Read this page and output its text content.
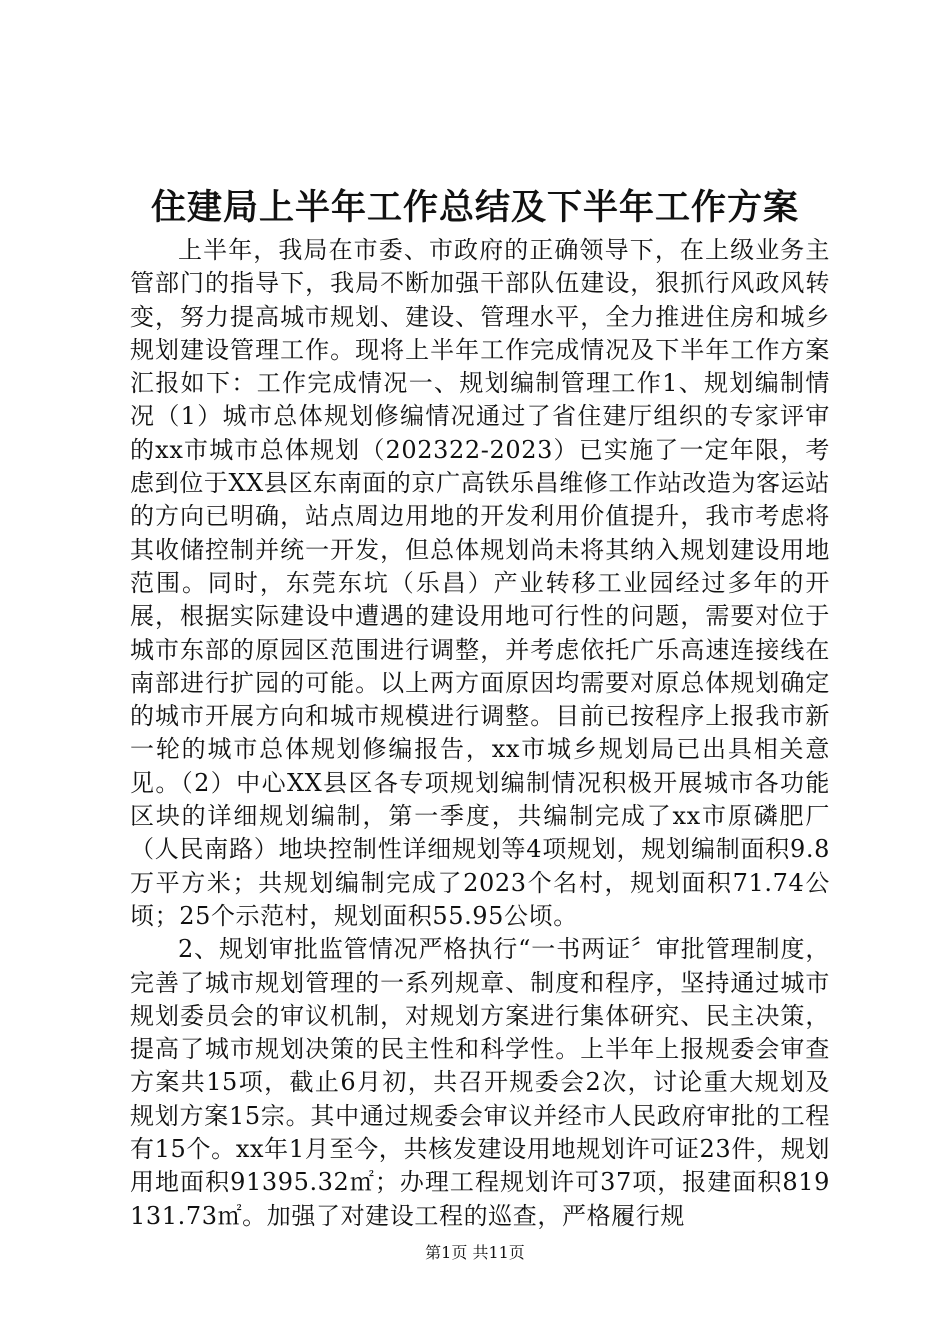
住建局上半年工作总结及下半年工作方案

上半年，我局在市委、市政府的正确领导下，在上级业务主管部门的指导下，我局不断加强干部队伍建设，狠抓行风政风转变，努力提高城市规划、建设、管理水平，全力推进住房和城乡规划建设管理工作。现将上半年工作完成情况及下半年工作方案汇报如下：工作完成情况一、规划编制管理工作1、规划编制情况（1）城市总体规划修编情况通过了省住建厅组织的专家评审的xx市城市总体规划（202322-2023）已实施了一定年限，考虑到位于XX县区东南面的京广高铁乐昌维修工作站改造为客运站的方向已明确，站点周边用地的开发利用价值提升，我市考虑将其收储控制并统一开发，但总体规划尚未将其纳入规划建设用地范围。同时，东莞东坑（乐昌）产业转移工业园经过多年的开展，根据实际建设中遭遇的建设用地可行性的问题，需要对位于城市东部的原园区范围进行调整，并考虑依托广乐高速连接线在南部进行扩园的可能。以上两方面原因均需要对原总体规划确定的城市开展方向和城市规模进行调整。目前已按程序上报我市新一轮的城市总体规划修编报告，xx市城乡规划局已出具相关意见。（2）中心XX县区各专项规划编制情况积极开展城市各功能区块的详细规划编制，第一季度，共编制完成了xx市原磷肥厂（人民南路）地块控制性详细规划等4项规划，规划编制面积9.8万平方米；共规划编制完成了2023个名村，规划面积71.74公顷；25个示范村，规划面积55.95公顷。

2、规划审批监管情况严格执行“一书两证〞审批管理制度，完善了城市规划管理的一系列规章、制度和程序，坚持通过城市规划委员会的审议机制，对规划方案进行集体研究、民主决策，提高了城市规划决策的民主性和科学性。上半年上报规委会审查方案共15项，截止6月初，共召开规委会2次，讨论重大规划及规划方案15宗。其中通过规委会审议并经市人民政府审批的工程有15个。xx年1月至今，共核发建设用地规划许可证23件，规划用地面积91395.32㎡；办理工程规划许可37项，报建面积819131.73㎡。加强了对建设工程的巡查，严格履行规

第1页 共11页
